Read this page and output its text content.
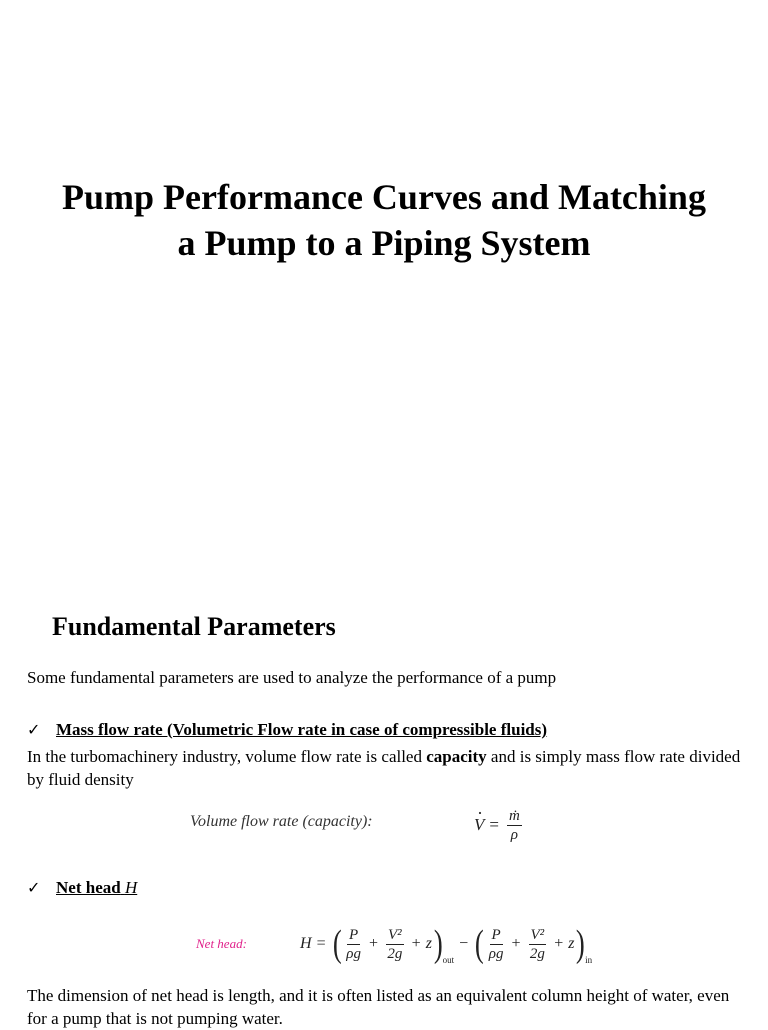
Pump Performance Curves and Matching
a Pump to a Piping System
Fundamental Parameters
Some fundamental parameters are used to analyze the performance of a pump
✓ Mass flow rate (Volumetric Flow rate in case of compressible fluids)
In the turbomachinery industry, volume flow rate is called capacity and is simply mass flow rate divided by fluid density
Volume flow rate (capacity):
·	$V = \frac{\text{ṁ}}{\rho}$
✓ Net head H
Net head:	H = ( $\frac{P}{\rho g} + \frac{\text{V²}}{2g} + z$ ) out
− ( $\frac{P}{\rho g} + \frac{\text{V²}}{2g} + z$ ) in
The dimension of net head is length, and it is often listed as an equivalent column height of water, even for a pump that is not pumping water.
